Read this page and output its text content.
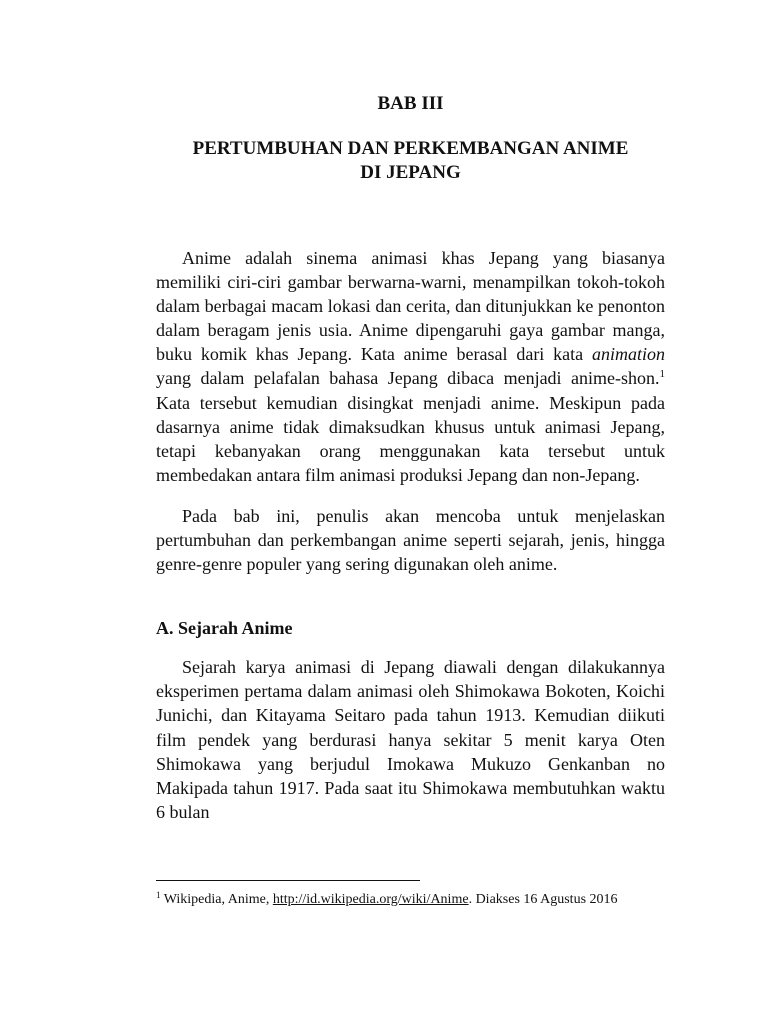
BAB III
PERTUMBUHAN DAN PERKEMBANGAN ANIME
DI JEPANG

Anime adalah sinema animasi khas Jepang yang biasanya memiliki ciri-ciri gambar berwarna-warni, menampilkan tokoh-tokoh dalam berbagai macam lokasi dan cerita, dan ditunjukkan ke penonton dalam beragam jenis usia. Anime dipengaruhi gaya gambar manga, buku komik khas Jepang. Kata anime berasal dari kata animation yang dalam pelafalan bahasa Jepang dibaca menjadi anime-shon.$^1$ Kata tersebut kemudian disingkat menjadi anime. Meskipun pada dasarnya anime tidak dimaksudkan khusus untuk animasi Jepang, tetapi kebanyakan orang menggunakan kata tersebut untuk membedakan antara film animasi produksi Jepang dan non-Jepang.

Pada bab ini, penulis akan mencoba untuk menjelaskan pertumbuhan dan perkembangan anime seperti sejarah, jenis, hingga genre-genre populer yang sering digunakan oleh anime.

A. Sejarah Anime

Sejarah karya animasi di Jepang diawali dengan dilakukannya eksperimen pertama dalam animasi oleh Shimokawa Bokoten, Koichi Junichi, dan Kitayama Seitaro pada tahun 1913. Kemudian diikuti film pendek yang berdurasi hanya sekitar 5 menit karya Oten Shimokawa yang berjudul Imokawa Mukuzo Genkanban no Makipada tahun 1917. Pada saat itu Shimokawa membutuhkan waktu 6 bulan

$^1$ Wikipedia, Anime, http://id.wikipedia.org/wiki/Anime. Diakses 16 Agustus 2016
